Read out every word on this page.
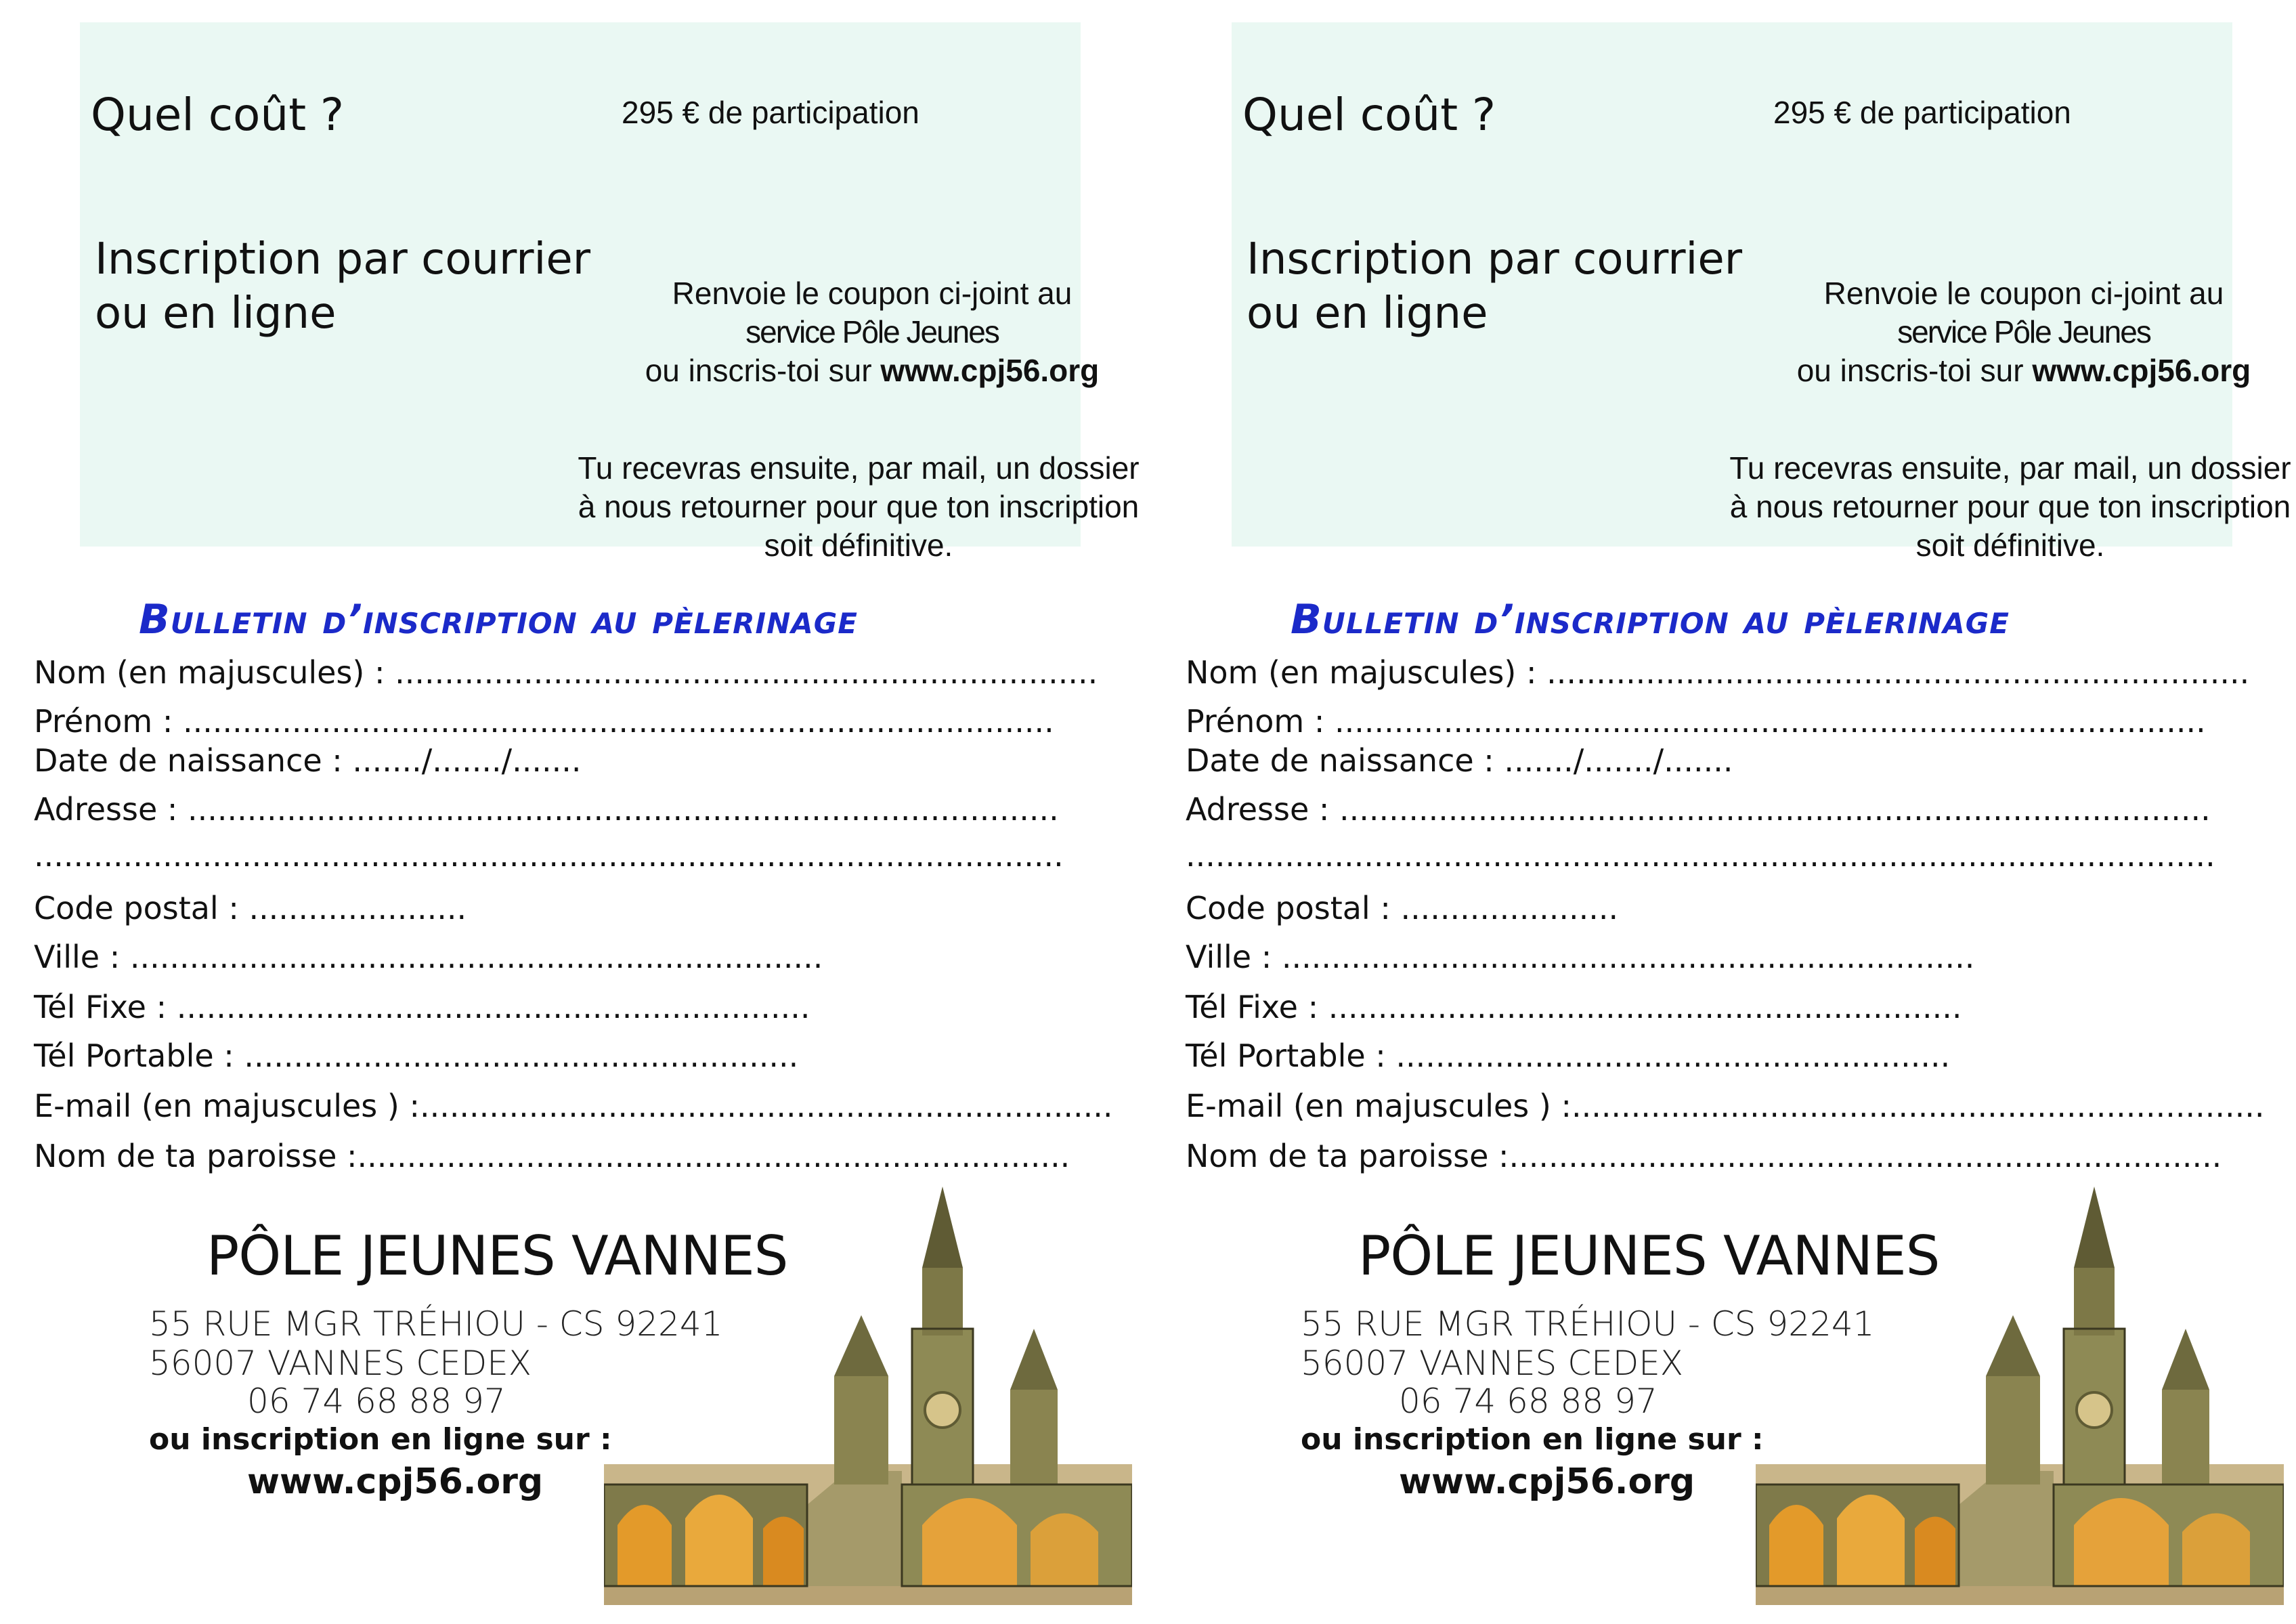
Quel coût ?	295 € de participation
Inscription par courrier
ou en ligne	Renvoie le coupon ci-joint au
service Pôle Jeunes
ou inscris-toi sur www.cpj56.org
Tu recevras ensuite, par mail, un dossier
à nous retourner pour que ton inscription
soit définitive.
Bulletin d’inscription au pèlerinage
Nom (en majuscules) : .......................................................................
Prénom : ........................................................................................
Date de naissance : ......./......./.......
Adresse : ........................................................................................
........................................................................................................
Code postal : ......................
Ville : ......................................................................
Tél Fixe : ................................................................
Tél Portable : ........................................................
E-mail (en majuscules ) :......................................................................
Nom de ta paroisse :........................................................................
PÔLE JEUNES VANNES
55 RUE MGR TRÉHIOU - CS 92241
56007 VANNES CEDEX
06 74 68 88 97
ou inscription en ligne sur :
www.cpj56.org
Quel coût ?	295 € de participation
Inscription par courrier
ou en ligne	Renvoie le coupon ci-joint au
service Pôle Jeunes
ou inscris-toi sur www.cpj56.org
Tu recevras ensuite, par mail, un dossier
à nous retourner pour que ton inscription
soit définitive.
Bulletin d’inscription au pèlerinage
Nom (en majuscules) : .......................................................................
Prénom : ........................................................................................
Date de naissance : ......./......./.......
Adresse : ........................................................................................
........................................................................................................
Code postal : ......................
Ville : ......................................................................
Tél Fixe : ................................................................
Tél Portable : ........................................................
E-mail (en majuscules ) :......................................................................
Nom de ta paroisse :........................................................................
PÔLE JEUNES VANNES
55 RUE MGR TRÉHIOU - CS 92241
56007 VANNES CEDEX
06 74 68 88 97
ou inscription en ligne sur :
www.cpj56.org
